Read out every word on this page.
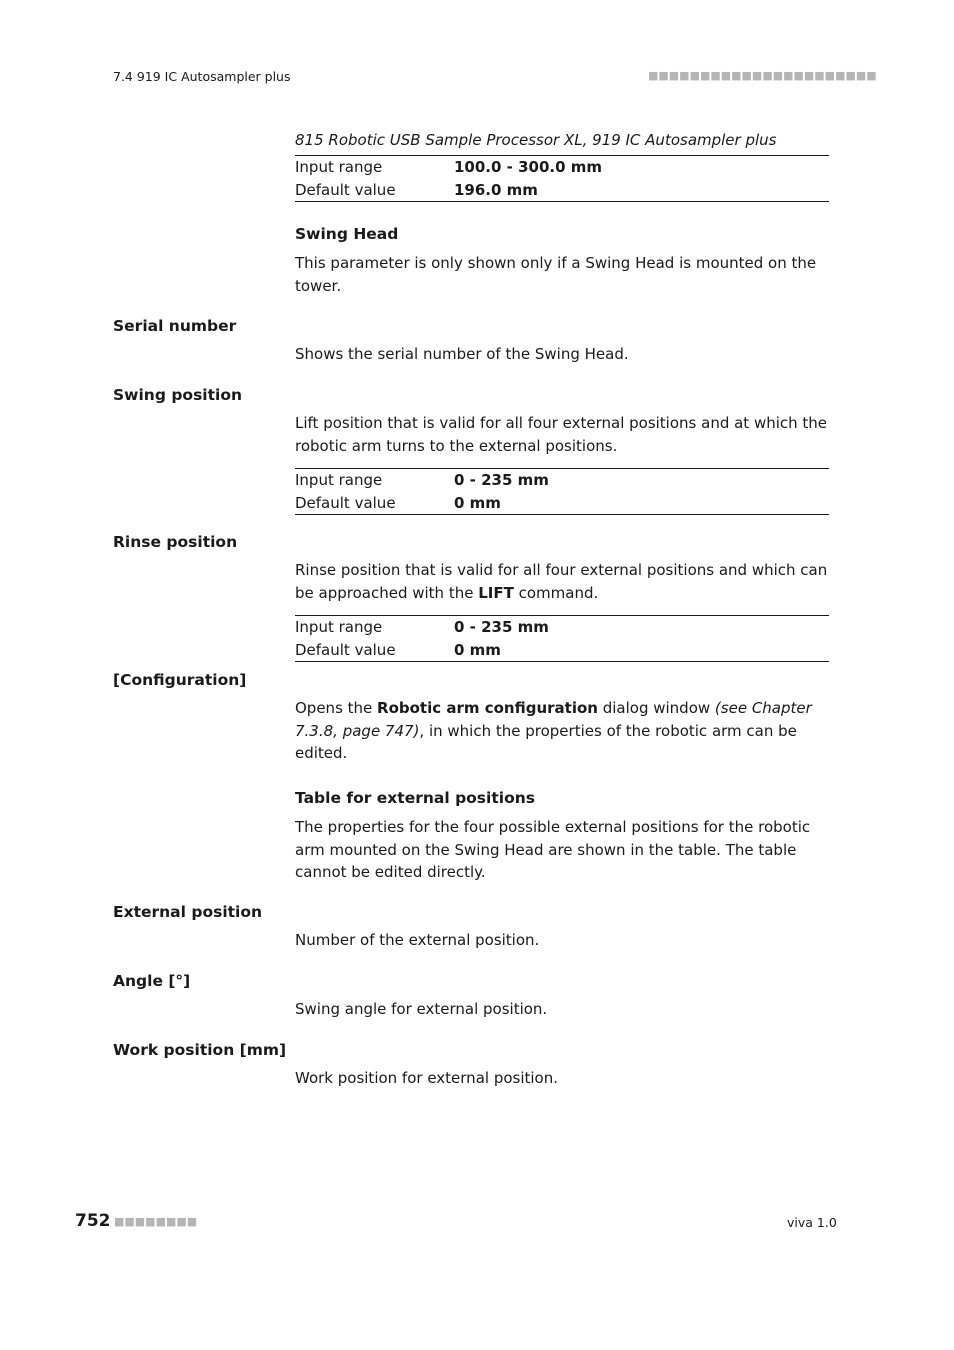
7.4 919 IC Autosampler plus	■■■■■■■■■■■■■■■■■■■■■■
815 Robotic USB Sample Processor XL, 919 IC Autosampler plus
Input range	100.0 - 300.0 mm
Default value	196.0 mm
Swing Head
This parameter is only shown only if a Swing Head is mounted on the tower.
Serial number
Shows the serial number of the Swing Head.
Swing position
Lift position that is valid for all four external positions and at which the robotic arm turns to the external positions.
Input range	0 - 235 mm
Default value	0 mm
Rinse position
Rinse position that is valid for all four external positions and which can be approached with the LIFT command.
Input range	0 - 235 mm
Default value	0 mm
[Configuration]
Opens the Robotic arm configuration dialog window (see Chapter 7.3.8, page 747), in which the properties of the robotic arm can be edited.
Table for external positions
The properties for the four possible external positions for the robotic arm mounted on the Swing Head are shown in the table. The table cannot be edited directly.
External position
Number of the external position.
Angle [°]
Swing angle for external position.
Work position [mm]
Work position for external position.
752 ■■■■■■■■	viva 1.0
